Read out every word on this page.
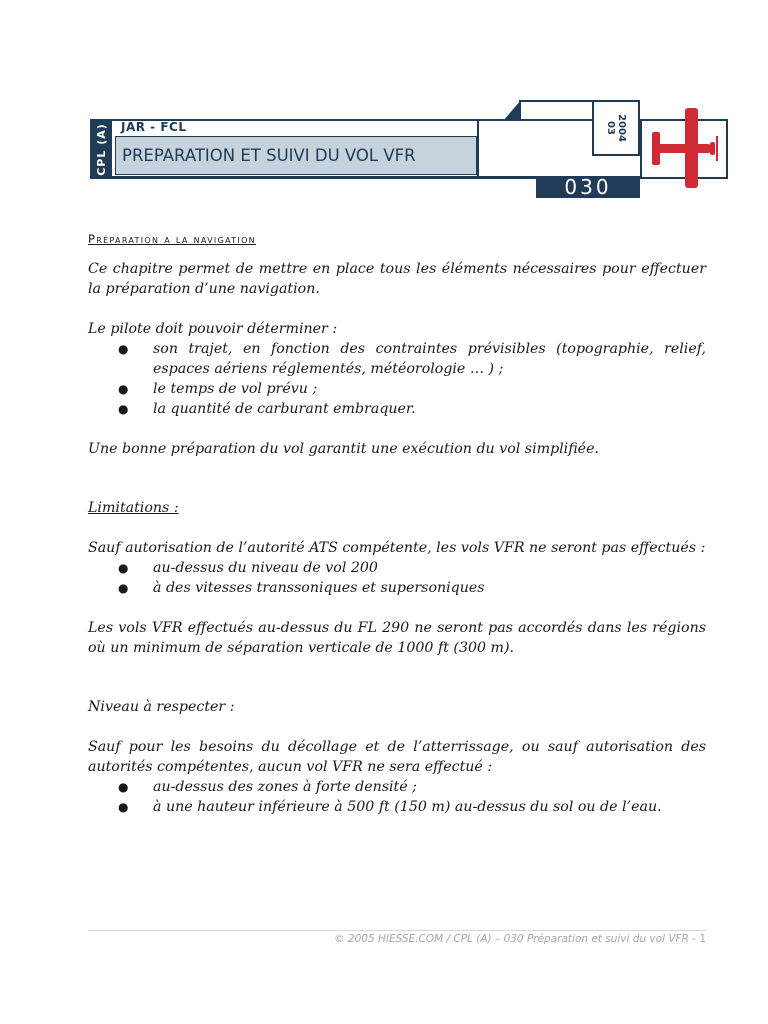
CPL (A) JAR - FCL
PREPARATION ET SUIVI DU VOL VFR
2004
03
030
Préparation a la navigation

Ce chapitre permet de mettre en place tous les éléments nécessaires pour effectuer la préparation d’une navigation.

Le pilote doit pouvoir déterminer :

● son trajet, en fonction des contraintes prévisibles (topographie, relief, espaces aériens réglementés, météorologie … ) ;
● le temps de vol prévu ;
● la quantité de carburant embraquer.

Une bonne préparation du vol garantit une exécution du vol simplifiée.

Limitations :

Sauf autorisation de l’autorité ATS compétente, les vols VFR ne seront pas effectués :

● au-dessus du niveau de vol 200
● à des vitesses transsoniques et supersoniques

Les vols VFR effectués au-dessus du FL 290 ne seront pas accordés dans les régions où un minimum de séparation verticale de 1000 ft (300 m).

Niveau à respecter :

Sauf pour les besoins du décollage et de l’atterrissage, ou sauf autorisation des autorités compétentes, aucun vol VFR ne sera effectué :

● au-dessus des zones à forte densité ;
● à une hauteur inférieure à 500 ft (150 m) au-dessus du sol ou de l’eau.
© 2005 HIESSE.COM / CPL (A) – 030 Préparation et suivi du vol VFR - 1
